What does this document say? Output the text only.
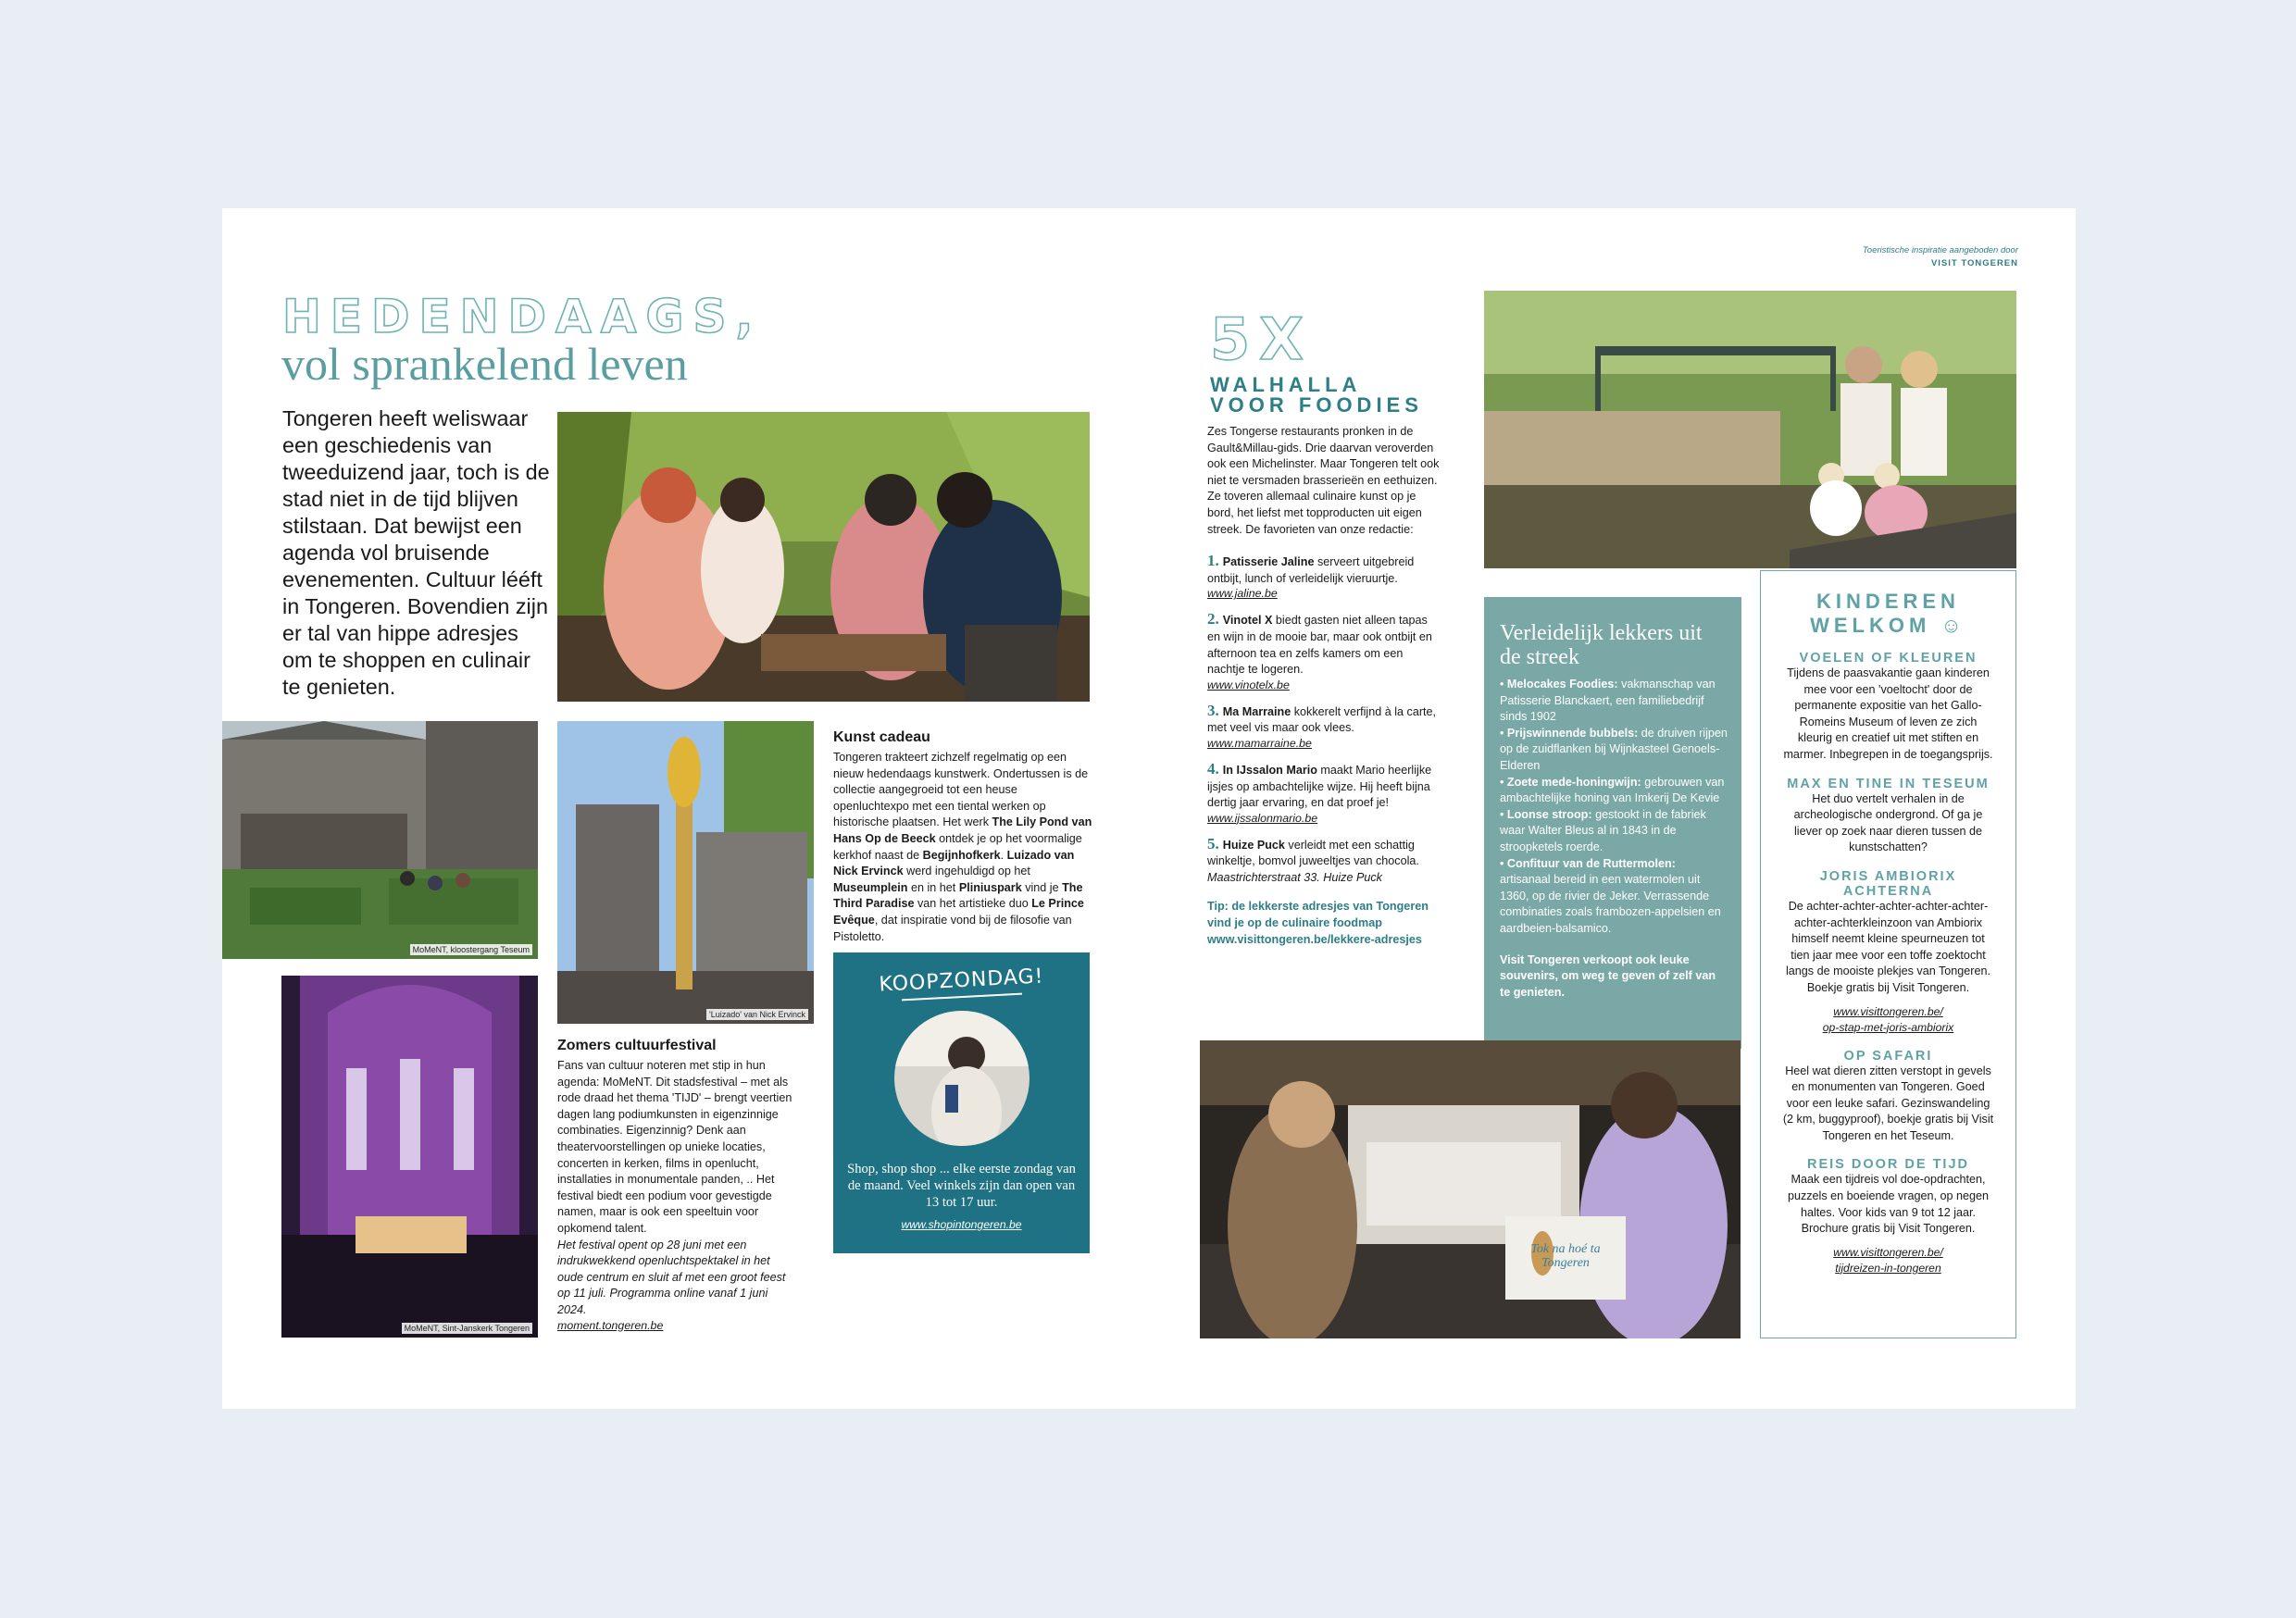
Toeristische inspiratie aangeboden door
VISIT TONGEREN
HEDENDAAGS,
vol sprankelend leven
Tongeren heeft weliswaar een geschiedenis van tweeduizend jaar, toch is de stad niet in de tijd blijven stilstaan. Dat bewijst een agenda vol bruisende evenementen. Cultuur lééft in Tongeren. Bovendien zijn er tal van hippe adresjes om te shoppen en culinair te genieten.
MoMeNT, kloostergang Teseum
'Luizado' van Nick Ervinck
MoMeNT, Sint-Janskerk Tongeren
Zomers cultuurfestival
Fans van cultuur noteren met stip in hun agenda: MoMeNT. Dit stadsfestival – met als rode draad het thema 'TIJD' – brengt veertien dagen lang podiumkunsten in eigenzinnige combinaties. Eigenzinnig? Denk aan theatervoorstellingen op unieke locaties, concerten in kerken, films in openlucht, installaties in monumentale panden, .. Het festival biedt een podium voor gevestigde namen, maar is ook een speeltuin voor opkomend talent.
Het festival opent op 28 juni met een indrukwekkend openluchtspektakel in het oude centrum en sluit af met een groot feest op 11 juli. Programma online vanaf 1 juni 2024.
moment.tongeren.be
Kunst cadeau
Tongeren trakteert zichzelf regelmatig op een nieuw hedendaags kunstwerk. Ondertussen is de collectie aangegroeid tot een heuse openluchtexpo met een tiental werken op historische plaatsen. Het werk The Lily Pond van Hans Op de Beeck ontdek je op het voormalige kerkhof naast de Begijnhofkerk. Luizado van Nick Ervinck werd ingehuldigd op het Museumplein en in het Pliniuspark vind je The Third Paradise van het artistieke duo Le Prince Evêque, dat inspiratie vond bij de filosofie van Pistoletto.
KOOPZONDAG!
Shop, shop shop ... elke eerste zondag van de maand. Veel winkels zijn dan open van 13 tot 17 uur.
www.shopintongeren.be
5X
WALHALLA
VOOR FOODIES
Zes Tongerse restaurants pronken in de Gault&Millau-gids. Drie daarvan veroverden ook een Michelinster. Maar Tongeren telt ook niet te versmaden brasserieën en eethuizen. Ze toveren allemaal culinaire kunst op je bord, het liefst met topproducten uit eigen streek. De favorieten van onze redactie:
1. Patisserie Jaline serveert uitgebreid ontbijt, lunch of verleidelijk vieruurtje.
www.jaline.be
2. Vinotel X biedt gasten niet alleen tapas en wijn in de mooie bar, maar ook ontbijt en afternoon tea en zelfs kamers om een nachtje te logeren.
www.vinotelx.be
3. Ma Marraine kokkerelt verfijnd à la carte, met veel vis maar ook vlees.
www.mamarraine.be
4. In IJssalon Mario maakt Mario heerlijke ijsjes op ambachtelijke wijze. Hij heeft bijna dertig jaar ervaring, en dat proef je!
www.ijssalonmario.be
5. Huize Puck verleidt met een schattig winkeltje, bomvol juweeltjes van chocola.
Maastrichterstraat 33. Huize Puck
Tip: de lekkerste adresjes van Tongeren
vind je op de culinaire foodmap
www.visittongeren.be/lekkere-adresjes
Verleidelijk lekkers uit de streek
• Melocakes Foodies: vakmanschap van Patisserie Blanckaert, een familiebedrijf sinds 1902
• Prijswinnende bubbels: de druiven rijpen op de zuidflanken bij Wijnkasteel Genoels-Elderen
• Zoete mede-honingwijn: gebrouwen van ambachtelijke honing van Imkerij De Kevie
• Loonse stroop: gestookt in de fabriek waar Walter Bleus al in 1843 in de stroopketels roerde.
• Confituur van de Ruttermolen: artisanaal bereid in een watermolen uit 1360, op de rivier de Jeker. Verrassende combinaties zoals frambozen-appelsien en aardbeien-balsamico.
Visit Tongeren verkoopt ook leuke souvenirs, om weg te geven of zelf van te genieten.
Tok na hoé ta Tongeren
KINDEREN
WELKOM ☺
VOELEN OF KLEUREN
Tijdens de paasvakantie gaan kinderen mee voor een 'voeltocht' door de permanente expositie van het Gallo-Romeins Museum of leven ze zich kleurig en creatief uit met stiften en marmer. Inbegrepen in de toegangsprijs.
MAX EN TINE IN TESEUM
Het duo vertelt verhalen in de archeologische ondergrond. Of ga je liever op zoek naar dieren tussen de kunstschatten?
JORIS AMBIORIX ACHTERNA
De achter-achter-achter-achter-achter-achter-achterkleinzoon van Ambiorix himself neemt kleine speurneuzen tot tien jaar mee voor een toffe zoektocht langs de mooiste plekjes van Tongeren. Boekje gratis bij Visit Tongeren.
www.visittongeren.be/
op-stap-met-joris-ambiorix
OP SAFARI
Heel wat dieren zitten verstopt in gevels en monumenten van Tongeren. Goed voor een leuke safari. Gezinswandeling (2 km, buggyproof), boekje gratis bij Visit Tongeren en het Teseum.
REIS DOOR DE TIJD
Maak een tijdreis vol doe-opdrachten, puzzels en boeiende vragen, op negen haltes. Voor kids van 9 tot 12 jaar. Brochure gratis bij Visit Tongeren.
www.visittongeren.be/
tijdreizen-in-tongeren
